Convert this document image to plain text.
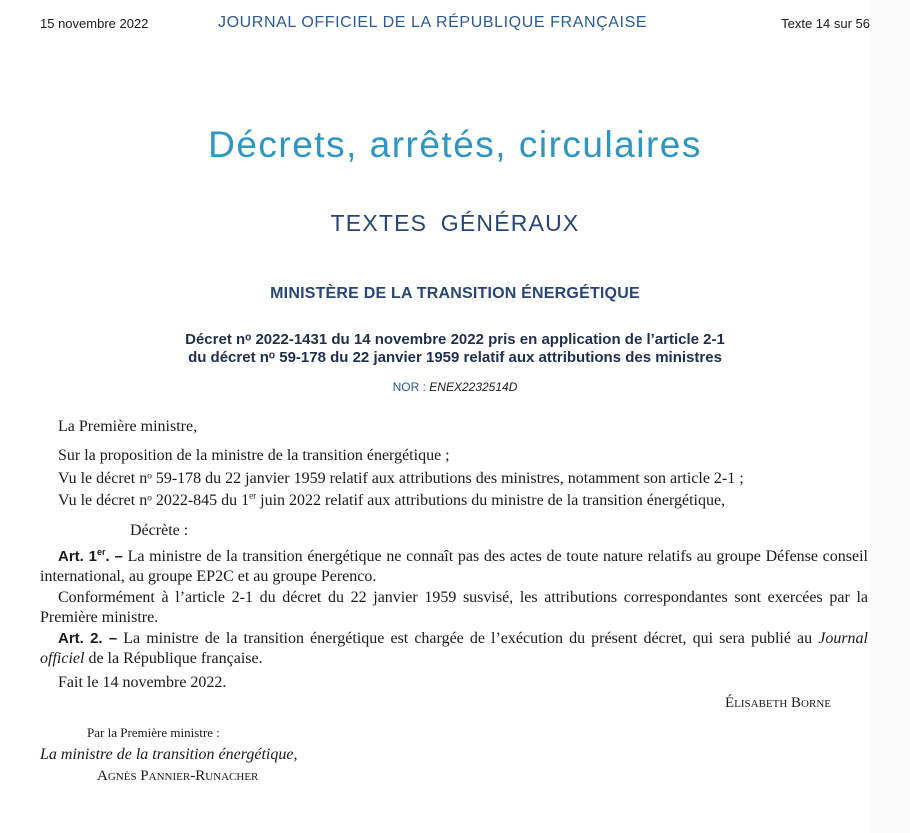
15 novembre 2022	JOURNAL OFFICIEL DE LA RÉPUBLIQUE FRANÇAISE	Texte 14 sur 56
Décrets, arrêtés, circulaires
TEXTES GÉNÉRAUX
MINISTÈRE DE LA TRANSITION ÉNERGÉTIQUE
Décret nᵒ 2022-1431 du 14 novembre 2022 pris en application de l’article 2-1
du décret nᵒ 59-178 du 22 janvier 1959 relatif aux attributions des ministres
NOR : ENEX2232514D
La Première ministre,
Sur la proposition de la ministre de la transition énergétique ;
Vu le décret nᵒ 59-178 du 22 janvier 1959 relatif aux attributions des ministres, notamment son article 2-1 ;
Vu le décret nᵒ 2022-845 du 1er juin 2022 relatif aux attributions du ministre de la transition énergétique,
Décrète :
Art. 1er. – La ministre de la transition énergétique ne connaît pas des actes de toute nature relatifs au groupe Défense conseil international, au groupe EP2C et au groupe Perenco.
Conformément à l’article 2-1 du décret du 22 janvier 1959 susvisé, les attributions correspondantes sont exercées par la Première ministre.
Art. 2. – La ministre de la transition énergétique est chargée de l’exécution du présent décret, qui sera publié au Journal officiel de la République française.
Fait le 14 novembre 2022.
Élisabeth Borne
Par la Première ministre :
La ministre de la transition énergétique,
Agnès Pannier-Runacher
